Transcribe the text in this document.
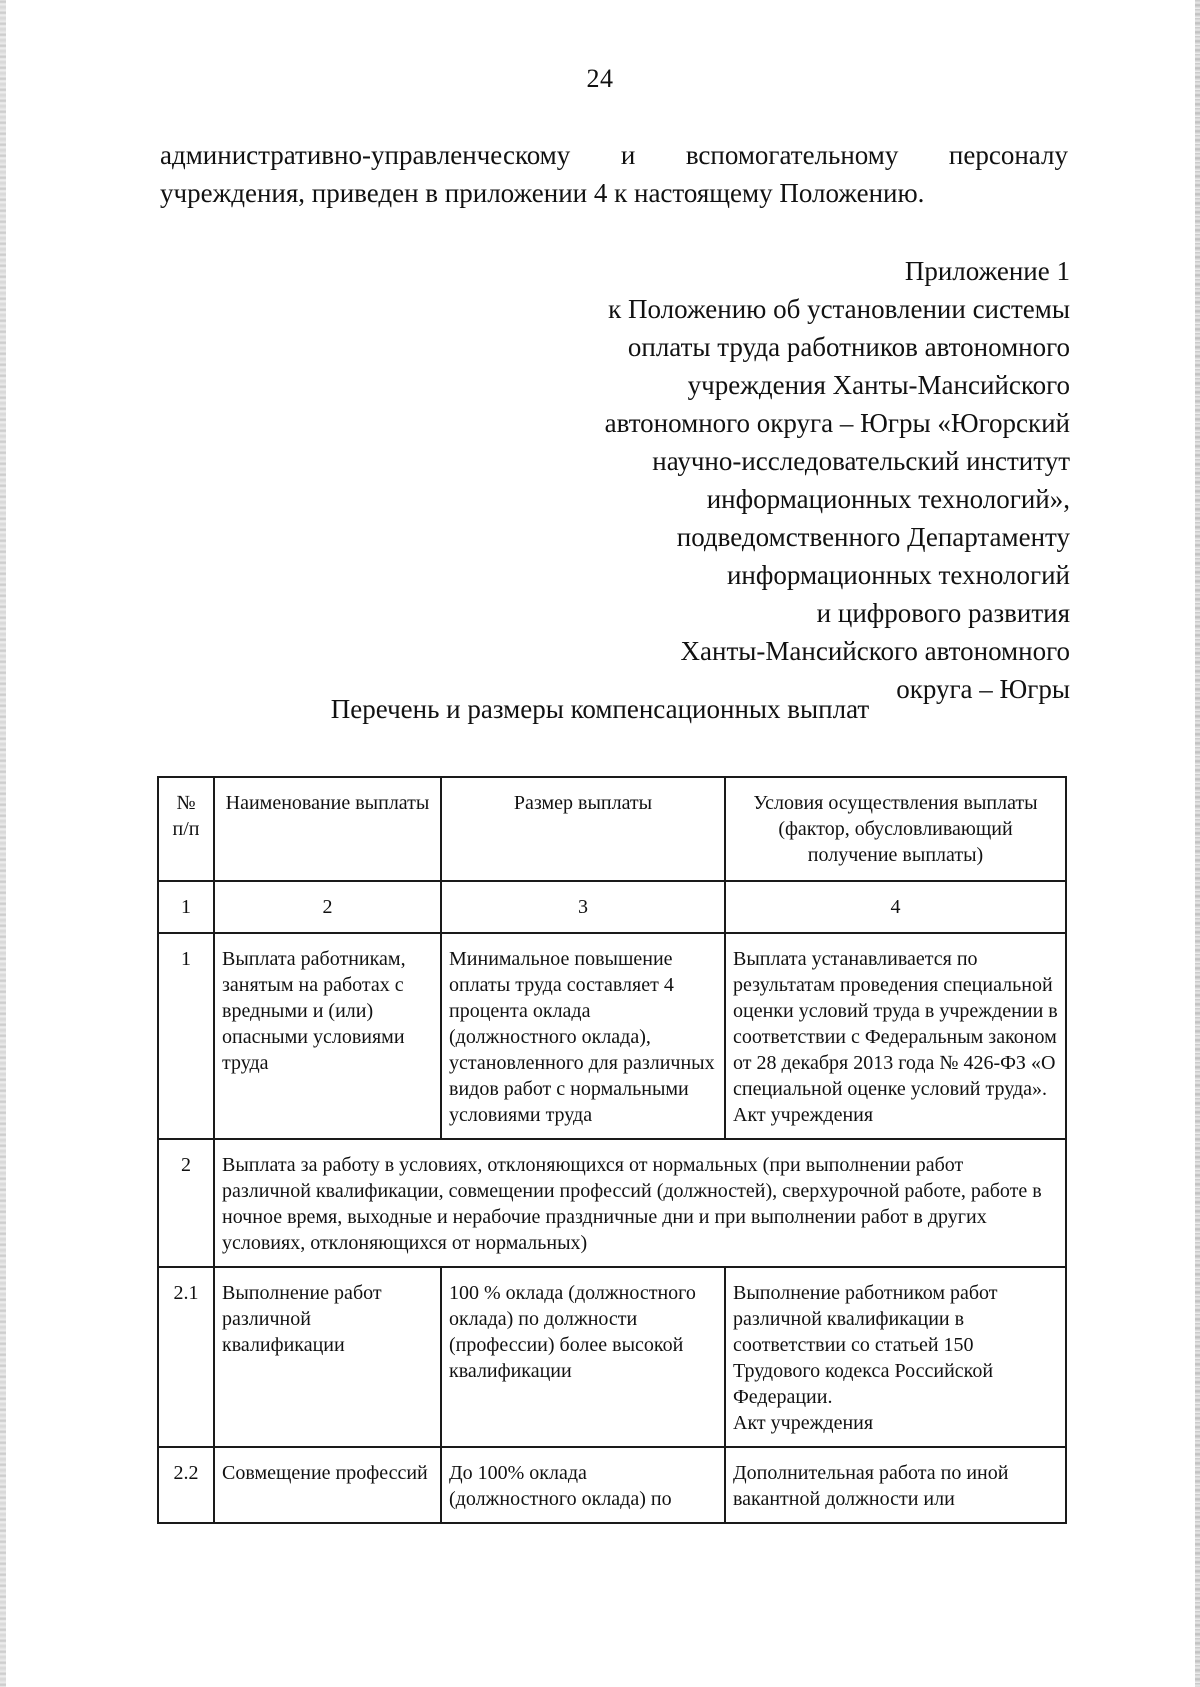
24
административно-управленческому и вспомогательному персоналу
учреждения, приведен в приложении 4 к настоящему Положению.
Приложение 1
к Положению об установлении системы
оплаты труда работников автономного
учреждения Ханты-Мансийского
автономного округа – Югры «Югорский
научно-исследовательский институт
информационных технологий»,
подведомственного Департаменту
информационных технологий
и цифрового развития
Ханты-Мансийского автономного
округа – Югры
Перечень и размеры компенсационных выплат
№ п/п	Наименование выплаты	Размер выплаты	Условия осуществления выплаты (фактор, обусловливающий получение выплаты)
1	2	3	4
1	Выплата работникам, занятым на работах с вредными и (или) опасными условиями труда	Минимальное повышение оплаты труда составляет 4 процента оклада (должностного оклада), установленного для различных видов работ с нормальными условиями труда	Выплата устанавливается по результатам проведения специальной оценки условий труда в учреждении в соответствии с Федеральным законом от 28 декабря 2013 года № 426-ФЗ «О специальной оценке условий труда».
Акт учреждения
2	Выплата за работу в условиях, отклоняющихся от нормальных (при выполнении работ различной квалификации, совмещении профессий (должностей), сверхурочной работе, работе в ночное время, выходные и нерабочие праздничные дни и при выполнении работ в других условиях, отклоняющихся от нормальных)		
2.1	Выполнение работ различной квалификации	100 % оклада (должностного оклада) по должности (профессии) более высокой квалификации	Выполнение работником работ различной квалификации в соответствии со статьей 150 Трудового кодекса Российской Федерации.
Акт учреждения
2.2	Совмещение профессий	До 100% оклада (должностного оклада) по	Дополнительная работа по иной вакантной должности или
